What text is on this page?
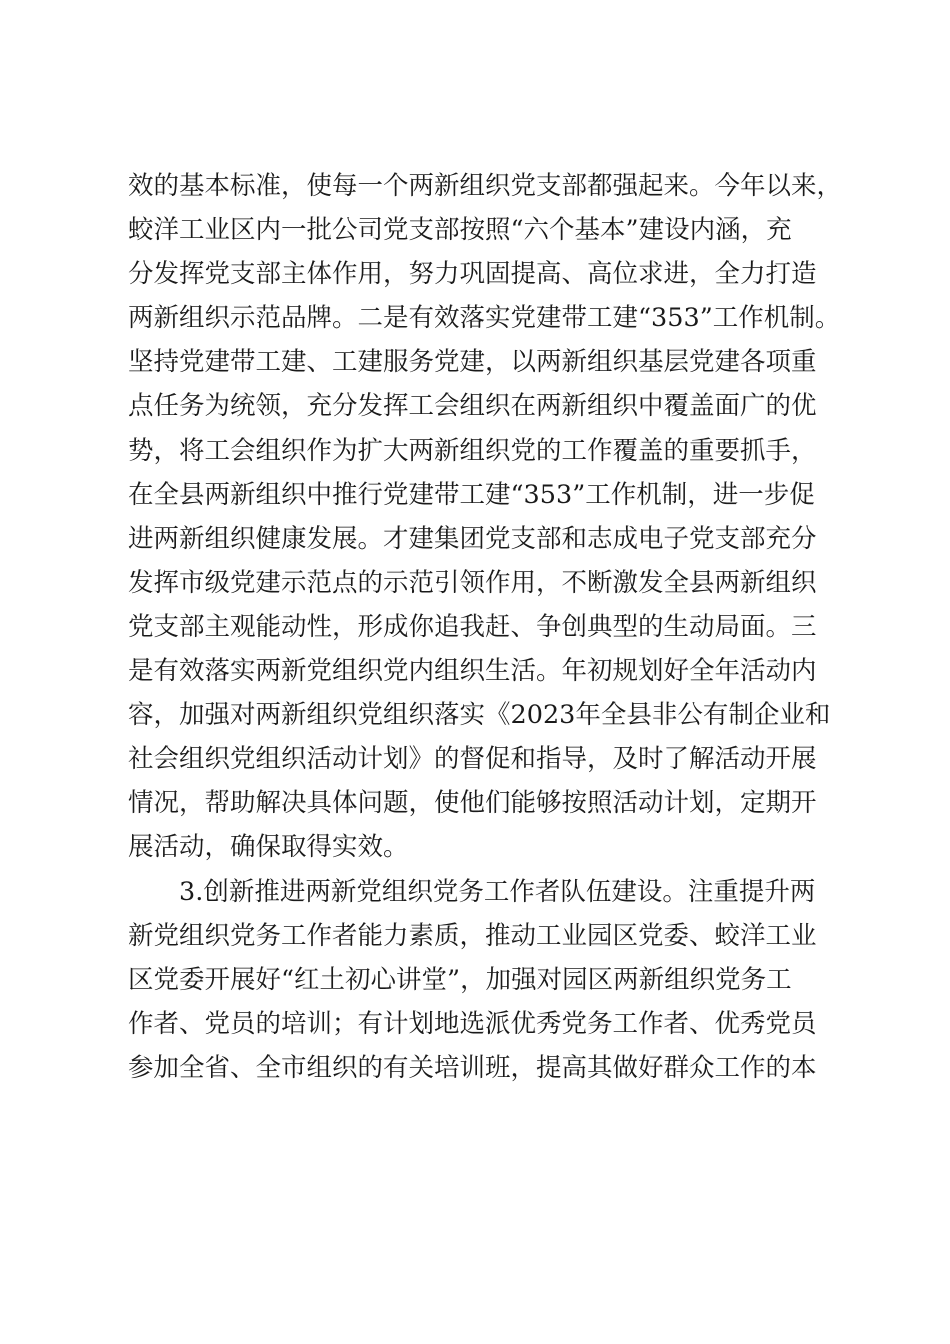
效的基本标准，使每一个两新组织党支部都强起来。今年以来，
蛟洋工业区内一批公司党支部按照“六个基本”建设内涵，充
分发挥党支部主体作用，努力巩固提高、高位求进，全力打造
两新组织示范品牌。二是有效落实党建带工建“353”工作机制。
坚持党建带工建、工建服务党建，以两新组织基层党建各项重
点任务为统领，充分发挥工会组织在两新组织中覆盖面广的优
势，将工会组织作为扩大两新组织党的工作覆盖的重要抓手，
在全县两新组织中推行党建带工建“353”工作机制，进一步促
进两新组织健康发展。才建集团党支部和志成电子党支部充分
发挥市级党建示范点的示范引领作用，不断激发全县两新组织
党支部主观能动性，形成你追我赶、争创典型的生动局面。三
是有效落实两新党组织党内组织生活。年初规划好全年活动内
容，加强对两新组织党组织落实《2023年全县非公有制企业和
社会组织党组织活动计划》的督促和指导，及时了解活动开展
情况，帮助解决具体问题，使他们能够按照活动计划，定期开
展活动，确保取得实效。
3.创新推进两新党组织党务工作者队伍建设。注重提升两
新党组织党务工作者能力素质，推动工业园区党委、蛟洋工业
区党委开展好“红土初心讲堂”，加强对园区两新组织党务工
作者、党员的培训；有计划地选派优秀党务工作者、优秀党员
参加全省、全市组织的有关培训班，提高其做好群众工作的本
